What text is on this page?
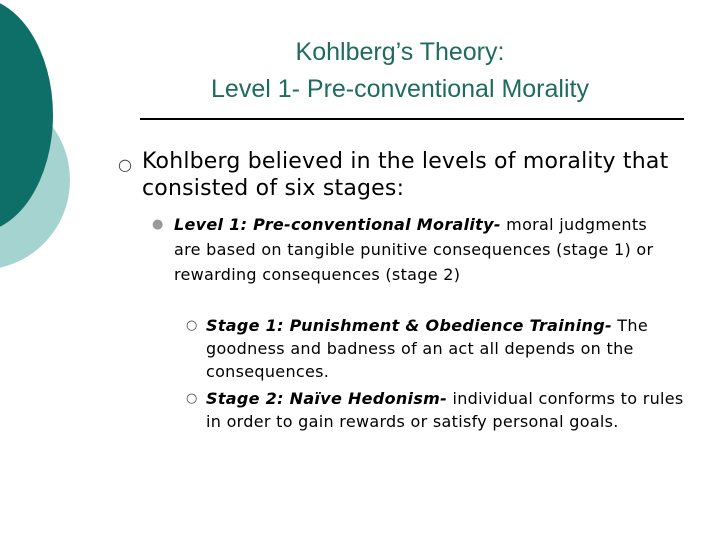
Kohlberg’s Theory:
Level 1- Pre-conventional Morality
○ Kohlberg believed in the levels of morality that consisted of six stages:
● Level 1: Pre-conventional Morality- moral judgments are based on tangible punitive consequences (stage 1) or rewarding consequences (stage 2)
○ Stage 1: Punishment & Obedience Training- The goodness and badness of an act all depends on the consequences.
○ Stage 2: Naïve Hedonism- individual conforms to rules in order to gain rewards or satisfy personal goals.
